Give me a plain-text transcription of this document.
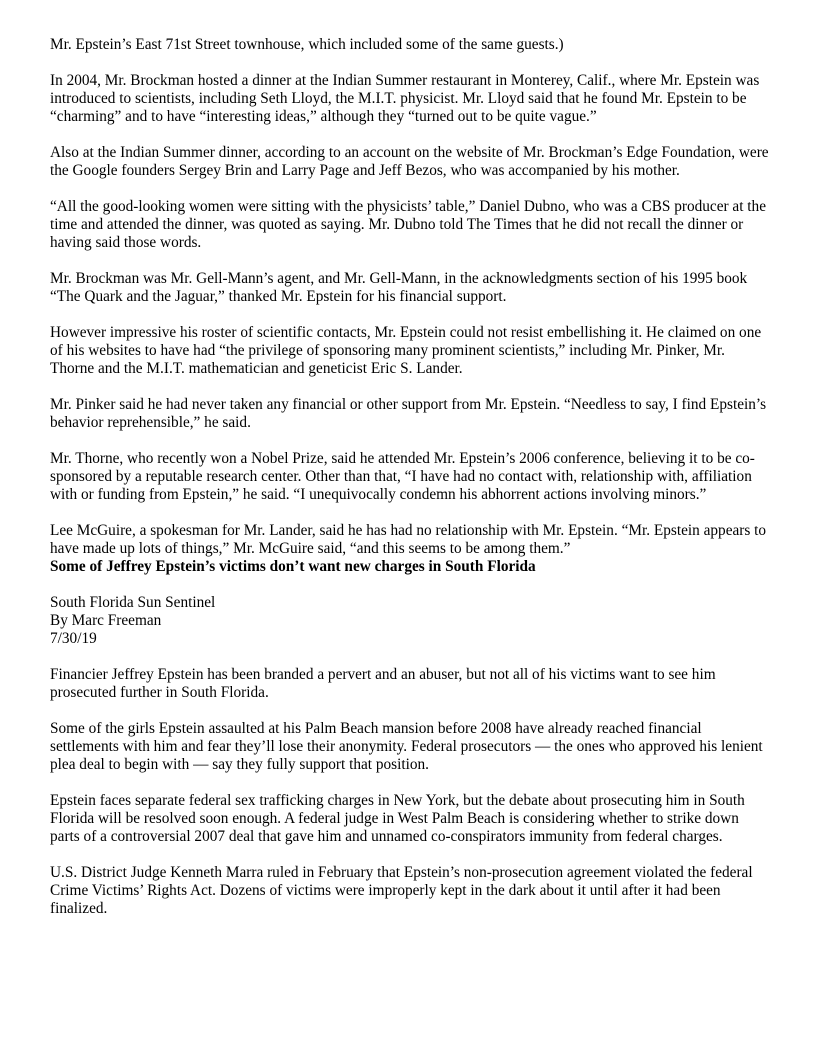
Mr. Epstein’s East 71st Street townhouse, which included some of the same guests.)

In 2004, Mr. Brockman hosted a dinner at the Indian Summer restaurant in Monterey, Calif., where Mr. Epstein was introduced to scientists, including Seth Lloyd, the M.I.T. physicist. Mr. Lloyd said that he found Mr. Epstein to be “charming” and to have “interesting ideas,” although they “turned out to be quite vague.”

Also at the Indian Summer dinner, according to an account on the website of Mr. Brockman’s Edge Foundation, were the Google founders Sergey Brin and Larry Page and Jeff Bezos, who was accompanied by his mother.

“All the good-looking women were sitting with the physicists’ table,” Daniel Dubno, who was a CBS producer at the time and attended the dinner, was quoted as saying. Mr. Dubno told The Times that he did not recall the dinner or having said those words.

Mr. Brockman was Mr. Gell-Mann’s agent, and Mr. Gell-Mann, in the acknowledgments section of his 1995 book “The Quark and the Jaguar,” thanked Mr. Epstein for his financial support.

However impressive his roster of scientific contacts, Mr. Epstein could not resist embellishing it. He claimed on one of his websites to have had “the privilege of sponsoring many prominent scientists,” including Mr. Pinker, Mr. Thorne and the M.I.T. mathematician and geneticist Eric S. Lander.

Mr. Pinker said he had never taken any financial or other support from Mr. Epstein. “Needless to say, I find Epstein’s behavior reprehensible,” he said.

Mr. Thorne, who recently won a Nobel Prize, said he attended Mr. Epstein’s 2006 conference, believing it to be co-sponsored by a reputable research center. Other than that, “I have had no contact with, relationship with, affiliation with or funding from Epstein,” he said. “I unequivocally condemn his abhorrent actions involving minors.”

Lee McGuire, a spokesman for Mr. Lander, said he has had no relationship with Mr. Epstein. “Mr. Epstein appears to have made up lots of things,” Mr. McGuire said, “and this seems to be among them.”

Some of Jeffrey Epstein’s victims don’t want new charges in South Florida
South Florida Sun Sentinel
By Marc Freeman
7/30/19

Financier Jeffrey Epstein has been branded a pervert and an abuser, but not all of his victims want to see him prosecuted further in South Florida.

Some of the girls Epstein assaulted at his Palm Beach mansion before 2008 have already reached financial settlements with him and fear they’ll lose their anonymity. Federal prosecutors — the ones who approved his lenient plea deal to begin with — say they fully support that position.

Epstein faces separate federal sex trafficking charges in New York, but the debate about prosecuting him in South Florida will be resolved soon enough. A federal judge in West Palm Beach is considering whether to strike down parts of a controversial 2007 deal that gave him and unnamed co-conspirators immunity from federal charges.

U.S. District Judge Kenneth Marra ruled in February that Epstein’s non-prosecution agreement violated the federal Crime Victims’ Rights Act. Dozens of victims were improperly kept in the dark about it until after it had been finalized.
